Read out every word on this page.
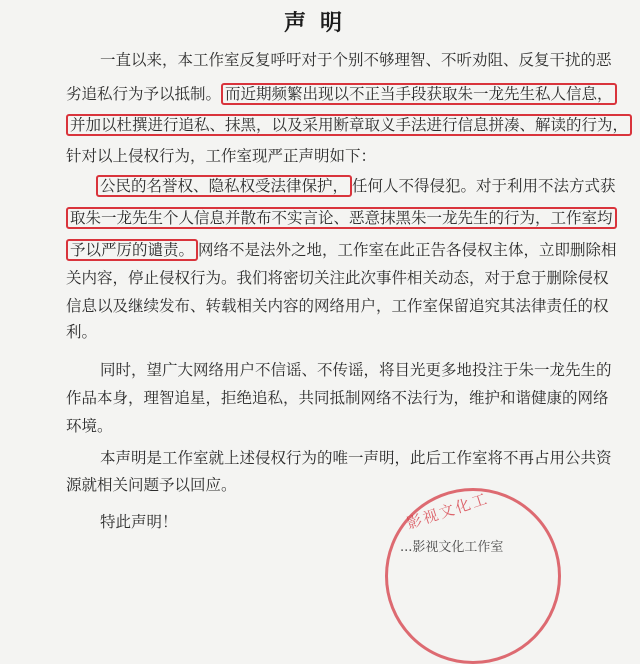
声明
一直以来，本工作室反复呼吁对于个别不够理智、不听劝阻、反复干扰的恶
劣追私行为予以抵制。 而近期频繁出现以不正当手段获取朱一龙先生私人信息，
并加以杜撰进行追私、抹黑，以及采用断章取义手法进行信息拼凑、解读的行为，
针对以上侵权行为，工作室现严正声明如下：
公民的名誉权、隐私权受法律保护， 任何人不得侵犯。对于利用不法方式获
取朱一龙先生个人信息并散布不实言论、恶意抹黑朱一龙先生的行为，工作室均
予以严厉的谴责。 网络不是法外之地，工作室在此正告各侵权主体，立即删除相
关内容，停止侵权行为。我们将密切关注此次事件相关动态，对于怠于删除侵权
信息以及继续发布、转载相关内容的网络用户，工作室保留追究其法律责任的权
利。
同时，望广大网络用户不信谣、不传谣，将目光更多地投注于朱一龙先生的
作品本身，理智追星，拒绝追私，共同抵制网络不法行为，维护和谐健康的网络
环境。
本声明是工作室就上述侵权行为的唯一声明，此后工作室将不再占用公共资
源就相关问题予以回应。
特此声明！	影视文化工
...影视文化工作室
